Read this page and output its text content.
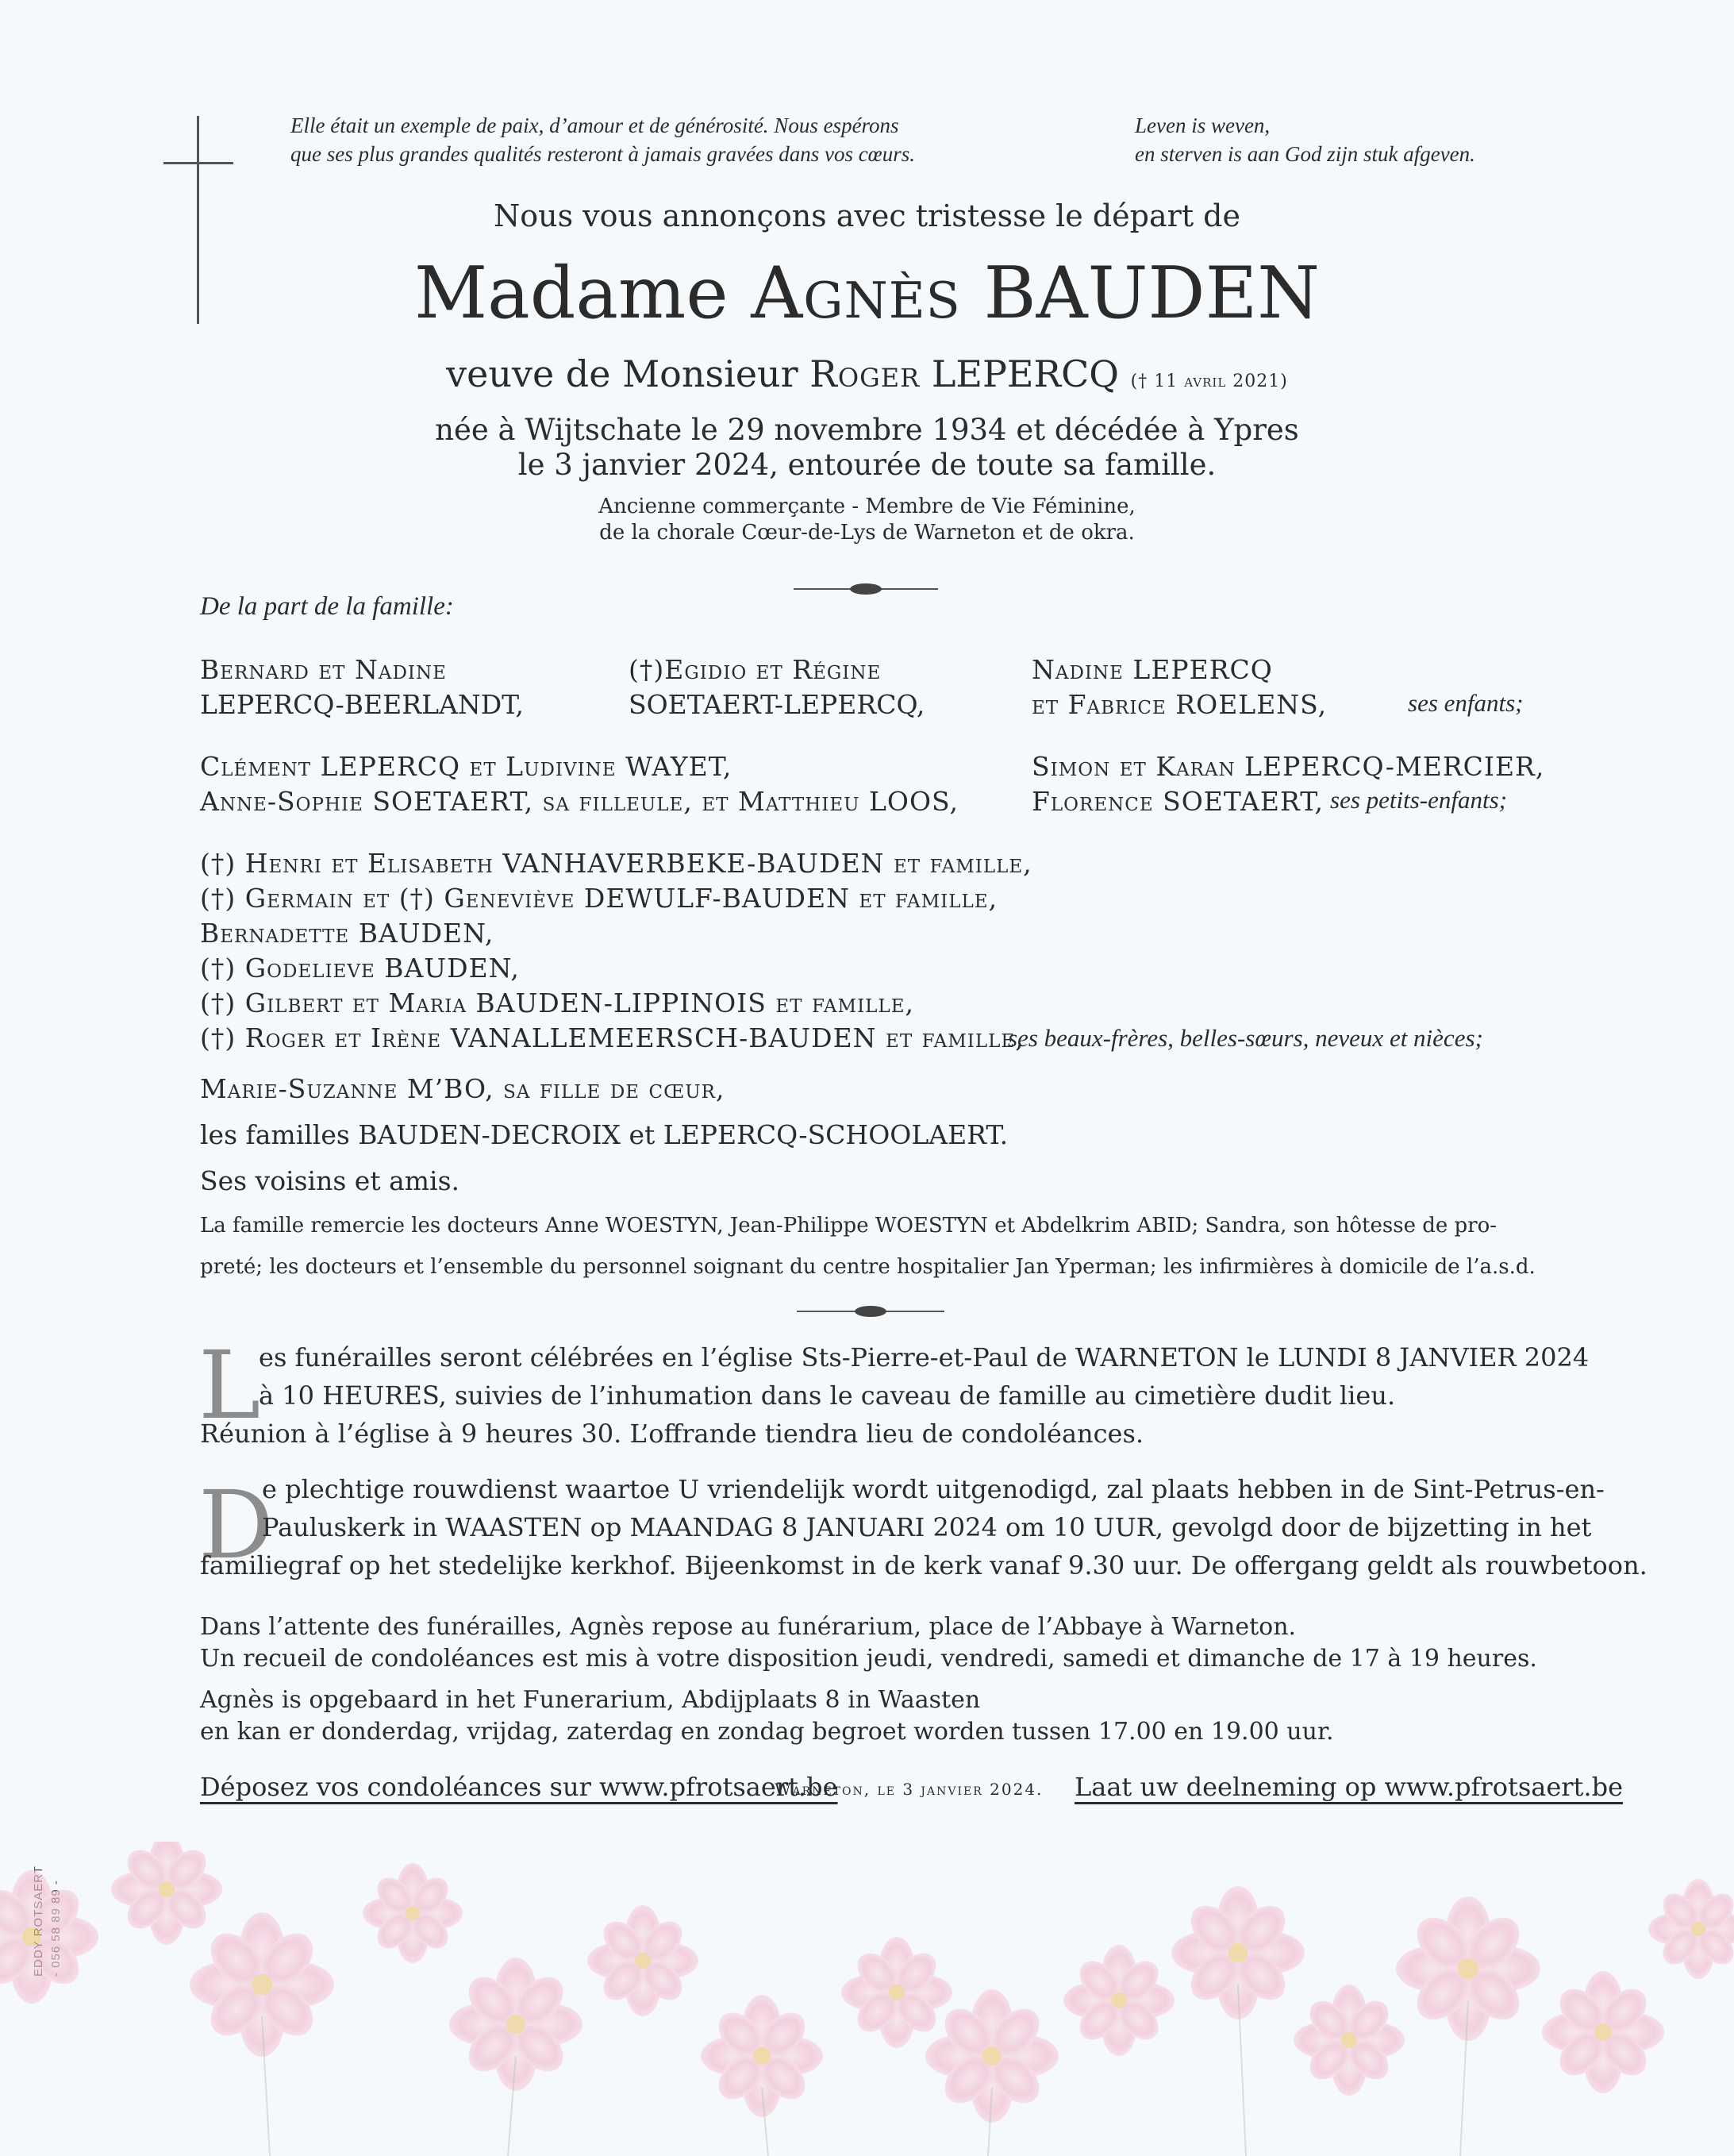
Elle était un exemple de paix, d’amour et de générosité. Nous espérons
que ses plus grandes qualités resteront à jamais gravées dans vos cœurs.
Leven is weven,
en sterven is aan God zijn stuk afgeven.
Nous vous annonçons avec tristesse le départ de
Madame Agnès BAUDEN
veuve de Monsieur Roger LEPERCQ († 11 avril 2021)
née à Wijtschate le 29 novembre 1934 et décédée à Ypres
le 3 janvier 2024, entourée de toute sa famille.
Ancienne commerçante - Membre de Vie Féminine,
de la chorale Cœur-de-Lys de Warneton et de okra.
De la part de la famille:
Bernard et Nadine
LEPERCQ-BEERLANDT,
(†)Egidio et Régine
SOETAERT-LEPERCQ,
Nadine LEPERCQ
et Fabrice ROELENS,	ses enfants;
Clément LEPERCQ et Ludivine WAYET,
Anne-Sophie SOETAERT, sa filleule, et Matthieu LOOS,
Simon et Karan LEPERCQ-MERCIER,
Florence SOETAERT, ses petits-enfants;
(†) Henri et Elisabeth VANHAVERBEKE-BAUDEN et famille,
(†) Germain et (†) Geneviève DEWULF-BAUDEN et famille,
Bernadette BAUDEN,
(†) Godelieve BAUDEN,
(†) Gilbert et Maria BAUDEN-LIPPINOIS et famille,
(†) Roger et Irène VANALLEMEERSCH-BAUDEN et famille,
ses beaux-frères, belles-sœurs, neveux et nièces;
Marie-Suzanne M’BO, sa fille de cœur,
les familles BAUDEN-DECROIX et LEPERCQ-SCHOOLAERT.
Ses voisins et amis.
La famille remercie les docteurs Anne WOESTYN, Jean-Philippe WOESTYN et Abdelkrim ABID; Sandra, son hôtesse de pro-
preté; les docteurs et l’ensemble du personnel soignant du centre hospitalier Jan Yperman; les infirmières à domicile de l’a.s.d.
L
es funérailles seront célébrées en l’église Sts-Pierre-et-Paul de WARNETON le LUNDI 8 JANVIER 2024
à 10 HEURES, suivies de l’inhumation dans le caveau de famille au cimetière dudit lieu.
Réunion à l’église à 9 heures 30. L’offrande tiendra lieu de condoléances.
D
e plechtige rouwdienst waartoe U vriendelijk wordt uitgenodigd, zal plaats hebben in de Sint-Petrus-en-
Pauluskerk in WAASTEN op MAANDAG 8 JANUARI 2024 om 10 UUR, gevolgd door de bijzetting in het
familiegraf op het stedelijke kerkhof. Bijeenkomst in de kerk vanaf 9.30 uur. De offergang geldt als rouwbetoon.
Dans l’attente des funérailles, Agnès repose au funérarium, place de l’Abbaye à Warneton.
Un recueil de condoléances est mis à votre disposition jeudi, vendredi, samedi et dimanche de 17 à 19 heures.
Agnès is opgebaard in het Funerarium, Abdijplaats 8 in Waasten
en kan er donderdag, vrijdag, zaterdag en zondag begroet worden tussen 17.00 en 19.00 uur.
Déposez vos condoléances sur www.pfrotsaert.be
Warneton, le 3 janvier 2024. Laat uw deelneming op www.pfrotsaert.be
